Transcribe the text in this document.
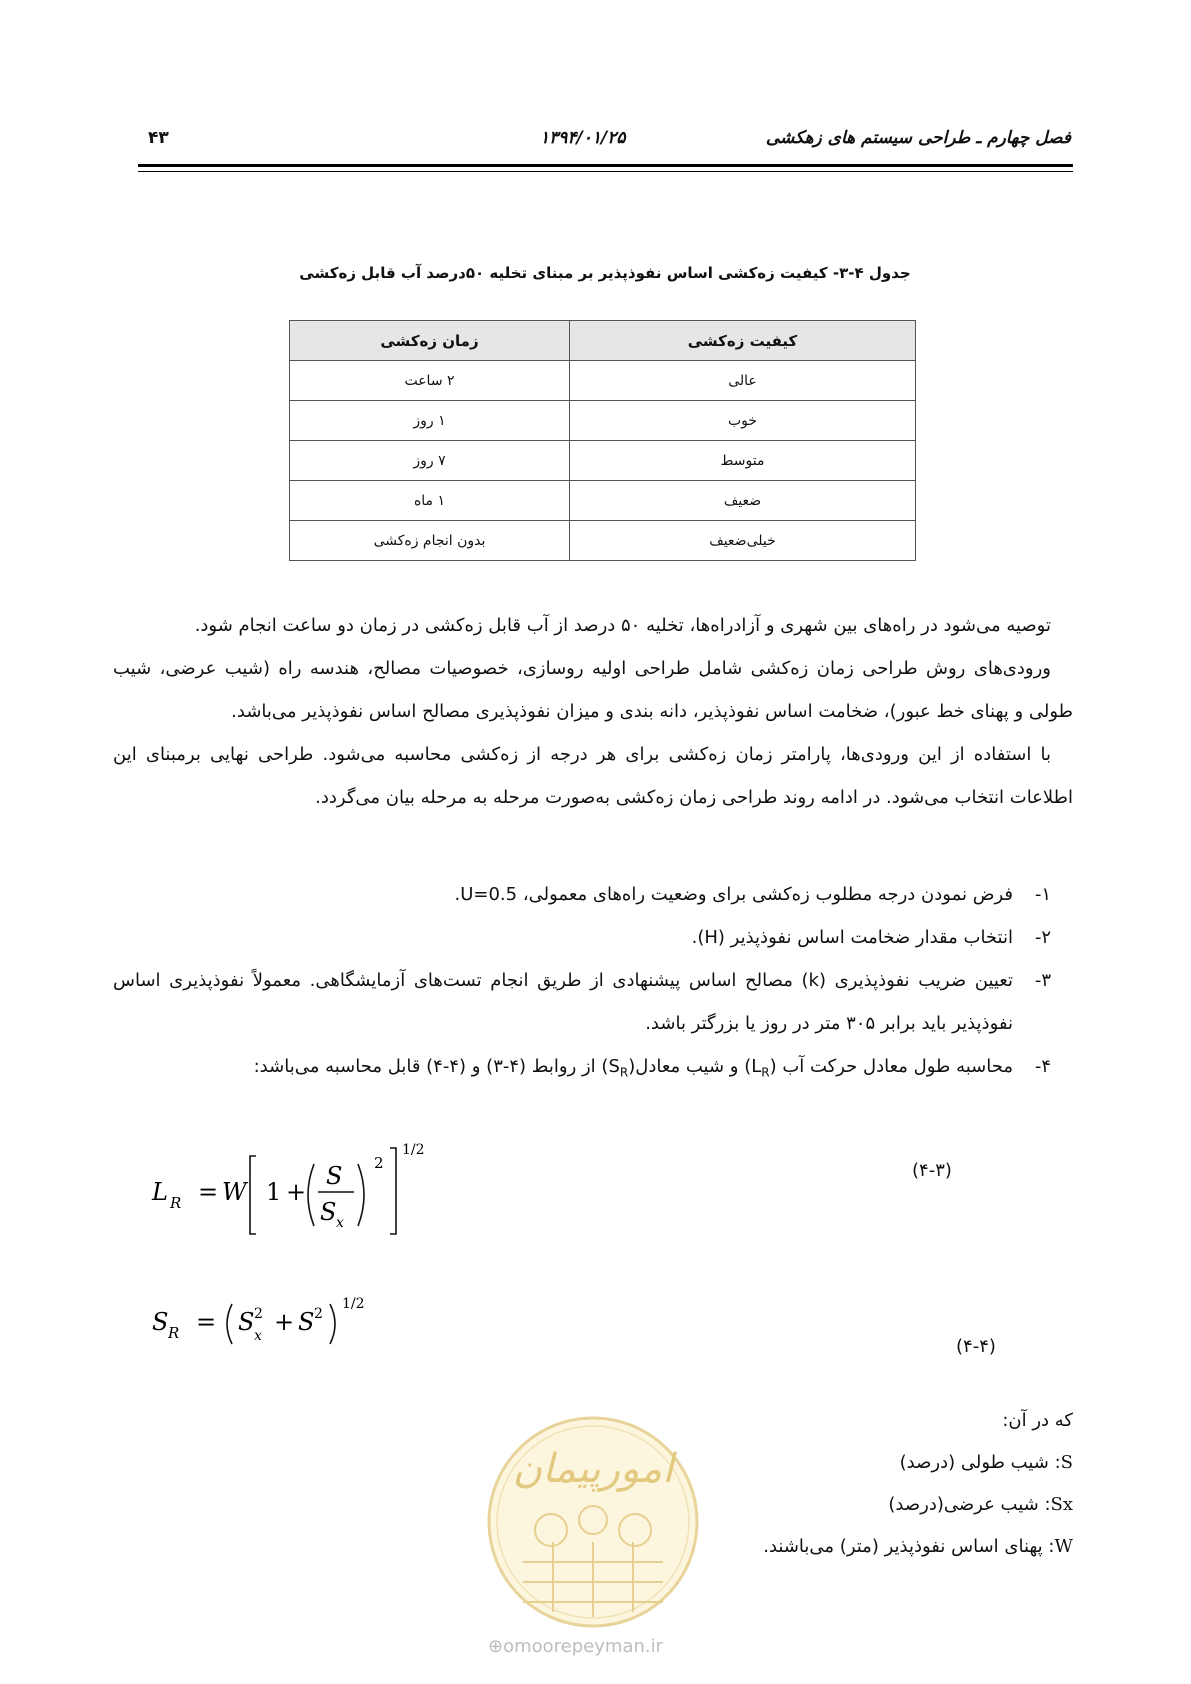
فصل چهارم ـ طراحی سیستم های زهکشی
۱۳۹۴/۰۱/۲۵
۴۳
جدول ۴-۳- کیفیت زه‌کشی اساس نفوذپذیر بر مبنای تخلیه ۵۰درصد آب قابل زه‌کشی
کیفیت زه‌کشی	زمان زه‌کشی
عالی	۲ ساعت
خوب	۱ روز
متوسط	۷ روز
ضعیف	۱ ماه
خیلی‌ضعیف	بدون انجام زه‌کشی

توصیه می‌شود در راه‌های بین شهری و آزادراه‌ها، تخلیه ۵۰ درصد از آب قابل زه‌کشی در زمان دو ساعت انجام شود.

ورودی‌های روش طراحی زمان زه‌کشی شامل طراحی اولیه روسازی، خصوصیات مصالح، هندسه راه (شیب عرضی، شیب طولی و پهنای خط عبور)، ضخامت اساس نفوذپذیر، دانه بندی و میزان نفوذپذیری مصالح اساس نفوذپذیر می‌باشد.

با استفاده از این ورودی‌ها، پارامتر زمان زه‌کشی برای هر درجه از زه‌کشی محاسبه می‌شود. طراحی نهایی برمبنای این اطلاعات انتخاب می‌شود. در ادامه روند طراحی زمان زه‌کشی به‌صورت مرحله به مرحله بیان می‌گردد.

۱-فرض نمودن درجه مطلوب زه‌کشی برای وضعیت راه‌های معمولی، U=0.5.
۲-انتخاب مقدار ضخامت اساس نفوذپذیر (H).
۳-
تعیین ضریب نفوذپذیری (k) مصالح اساس پیشنهادی از طریق انجام تست‌های آزمایشگاهی. معمولاً نفوذپذیری اساس نفوذپذیر باید برابر ۳۰۵ متر در روز یا بزرگتر باشد.
۴-محاسبه طول معادل حرکت آب $(L_R)$ و شیب $معادل(S_R)$ از روابط (۴-۳) و (۴-۴) قابل محاسبه می‌باشد:
L R = W 1 +
S
S x
2
1/2
(۴-۳)
S R = S 2
x + S 2
1/2
(۴-۴)
امورپیمان
⊕omoorepeyman.ir
که در آن:
S: شیب طولی (درصد)
Sx: شیب عرضی(درصد)
W: پهنای اساس نفوذپذیر (متر) می‌باشند.
